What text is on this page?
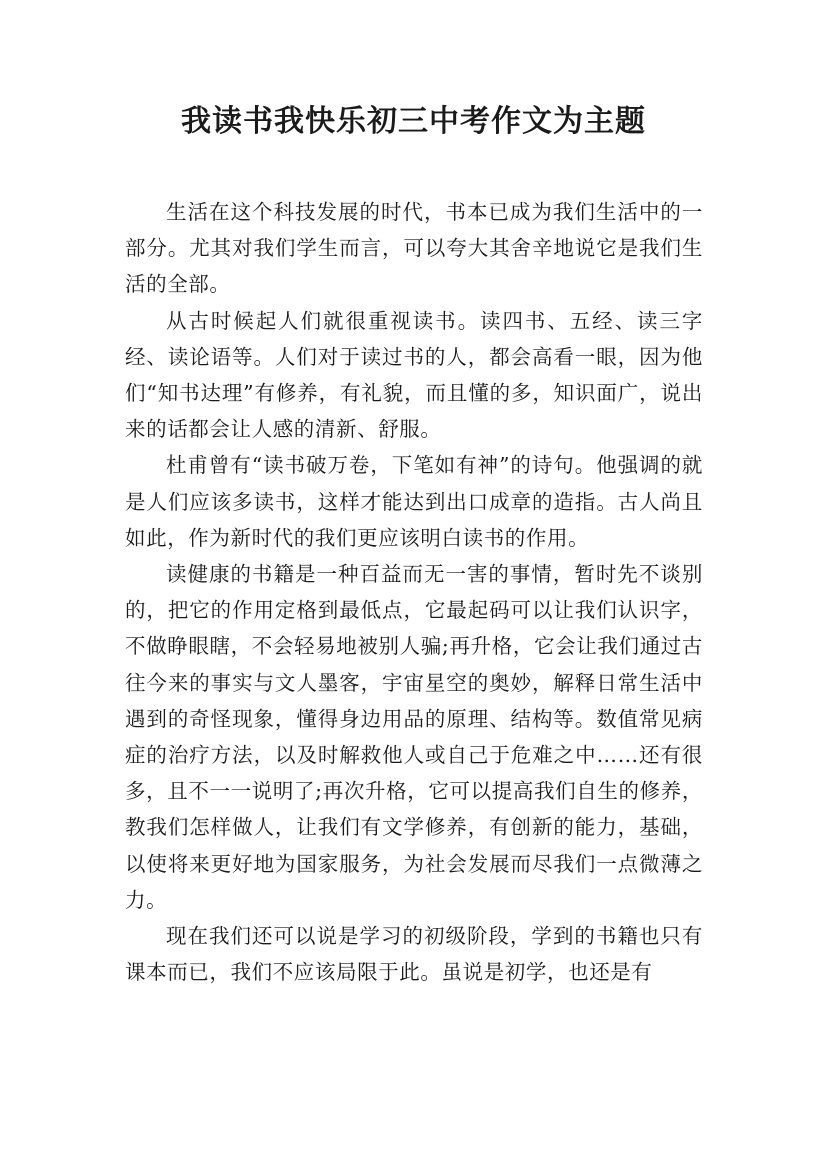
我读书我快乐初三中考作文为主题

生活在这个科技发展的时代，书本已成为我们生活中的一部分。尤其对我们学生而言，可以夸大其舍辛地说它是我们生活的全部。

从古时候起人们就很重视读书。读四书、五经、读三字经、读论语等。人们对于读过书的人，都会高看一眼，因为他们“知书达理”有修养，有礼貌，而且懂的多，知识面广，说出来的话都会让人感的清新、舒服。

杜甫曾有“读书破万卷，下笔如有神”的诗句。他强调的就是人们应该多读书，这样才能达到出口成章的造指。古人尚且如此，作为新时代的我们更应该明白读书的作用。

读健康的书籍是一种百益而无一害的事情，暂时先不谈别的，把它的作用定格到最低点，它最起码可以让我们认识字，不做睁眼瞎，不会轻易地被别人骗;再升格，它会让我们通过古往今来的事实与文人墨客，宇宙星空的奥妙，解释日常生活中遇到的奇怪现象，懂得身边用品的原理、结构等。数值常见病症的治疗方法，以及时解救他人或自己于危难之中……还有很多，且不一一说明了;再次升格，它可以提高我们自生的修养，教我们怎样做人，让我们有文学修养，有创新的能力，基础，以使将来更好地为国家服务，为社会发展而尽我们一点微薄之力。

现在我们还可以说是学习的初级阶段，学到的书籍也只有课本而已，我们不应该局限于此。虽说是初学，也还是有
